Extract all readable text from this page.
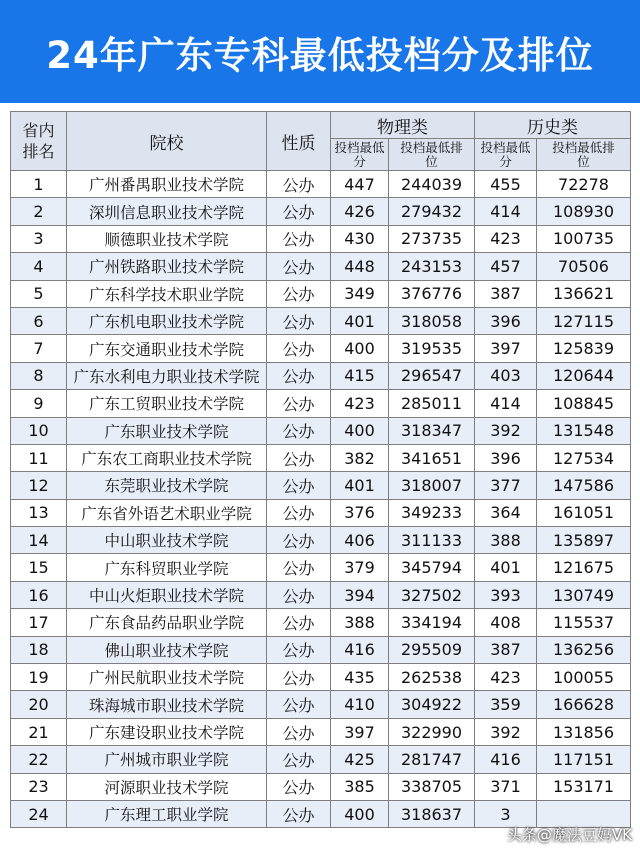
24年广东专科最低投档分及排位
省内排名	院校	性质	物理类		历史类	
			投档最低分	投档最低排位	投档最低分	投档最低排位
1	广州番禺职业技术学院	公办	447	244039	455	72278
2	深圳信息职业技术学院	公办	426	279432	414	108930
3	顺德职业技术学院	公办	430	273735	423	100735
4	广州铁路职业技术学院	公办	448	243153	457	70506
5	广东科学技术职业学院	公办	349	376776	387	136621
6	广东机电职业技术学院	公办	401	318058	396	127115
7	广东交通职业技术学院	公办	400	319535	397	125839
8	广东水利电力职业技术学院	公办	415	296547	403	120644
9	广东工贸职业技术学院	公办	423	285011	414	108845
10	广东职业技术学院	公办	400	318347	392	131548
11	广东农工商职业技术学院	公办	382	341651	396	127534
12	东莞职业技术学院	公办	401	318007	377	147586
13	广东省外语艺术职业学院	公办	376	349233	364	161051
14	中山职业技术学院	公办	406	311133	388	135897
15	广东科贸职业学院	公办	379	345794	401	121675
16	中山火炬职业技术学院	公办	394	327502	393	130749
17	广东食品药品职业学院	公办	388	334194	408	115537
18	佛山职业技术学院	公办	416	295509	387	136256
19	广州民航职业技术学院	公办	435	262538	423	100055
20	珠海城市职业技术学院	公办	410	304922	359	166628
21	广东建设职业技术学院	公办	397	322990	392	131856
22	广州城市职业学院	公办	425	281747	416	117151
23	河源职业技术学院	公办	385	338705	371	153171
24	广东理工职业学院	公办	400	318637	3	
头条@魔法豆妈VK
